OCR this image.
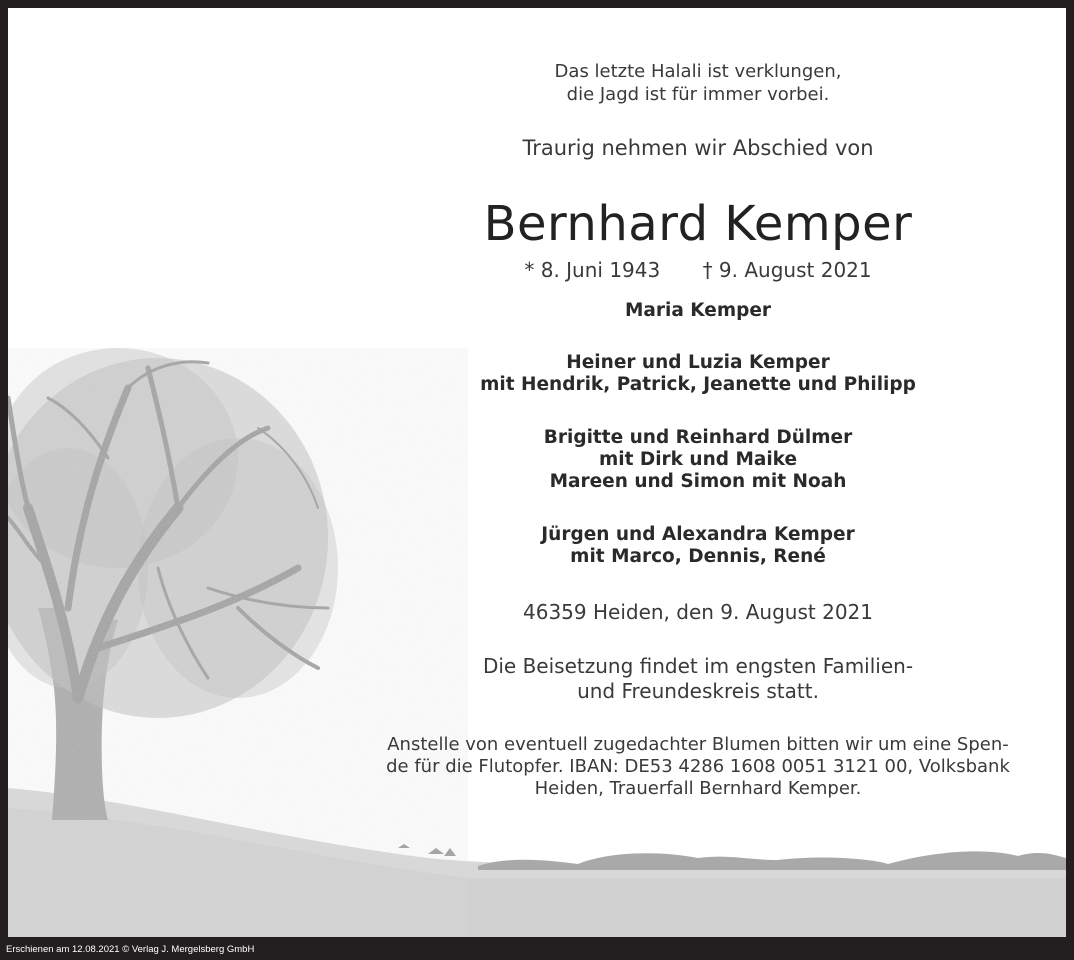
Das letzte Halali ist verklungen,
die Jagd ist für immer vorbei.
Traurig nehmen wir Abschied von
Bernhard Kemper
* 8. Juni 1943 † 9. August 2021
Maria Kemper
Heiner und Luzia Kemper
mit Hendrik, Patrick, Jeanette und Philipp
Brigitte und Reinhard Dülmer
mit Dirk und Maike
Mareen und Simon mit Noah
Jürgen und Alexandra Kemper
mit Marco, Dennis, René
46359 Heiden, den 9. August 2021
Die Beisetzung findet im engsten Familien-
und Freundeskreis statt.
Anstelle von eventuell zugedachter Blumen bitten wir um eine Spen-
de für die Flutopfer. IBAN: DE53 4286 1608 0051 3121 00, Volksbank
Heiden, Trauerfall Bernhard Kemper.
Erschienen am 12.08.2021 © Verlag J. Mergelsberg GmbH
